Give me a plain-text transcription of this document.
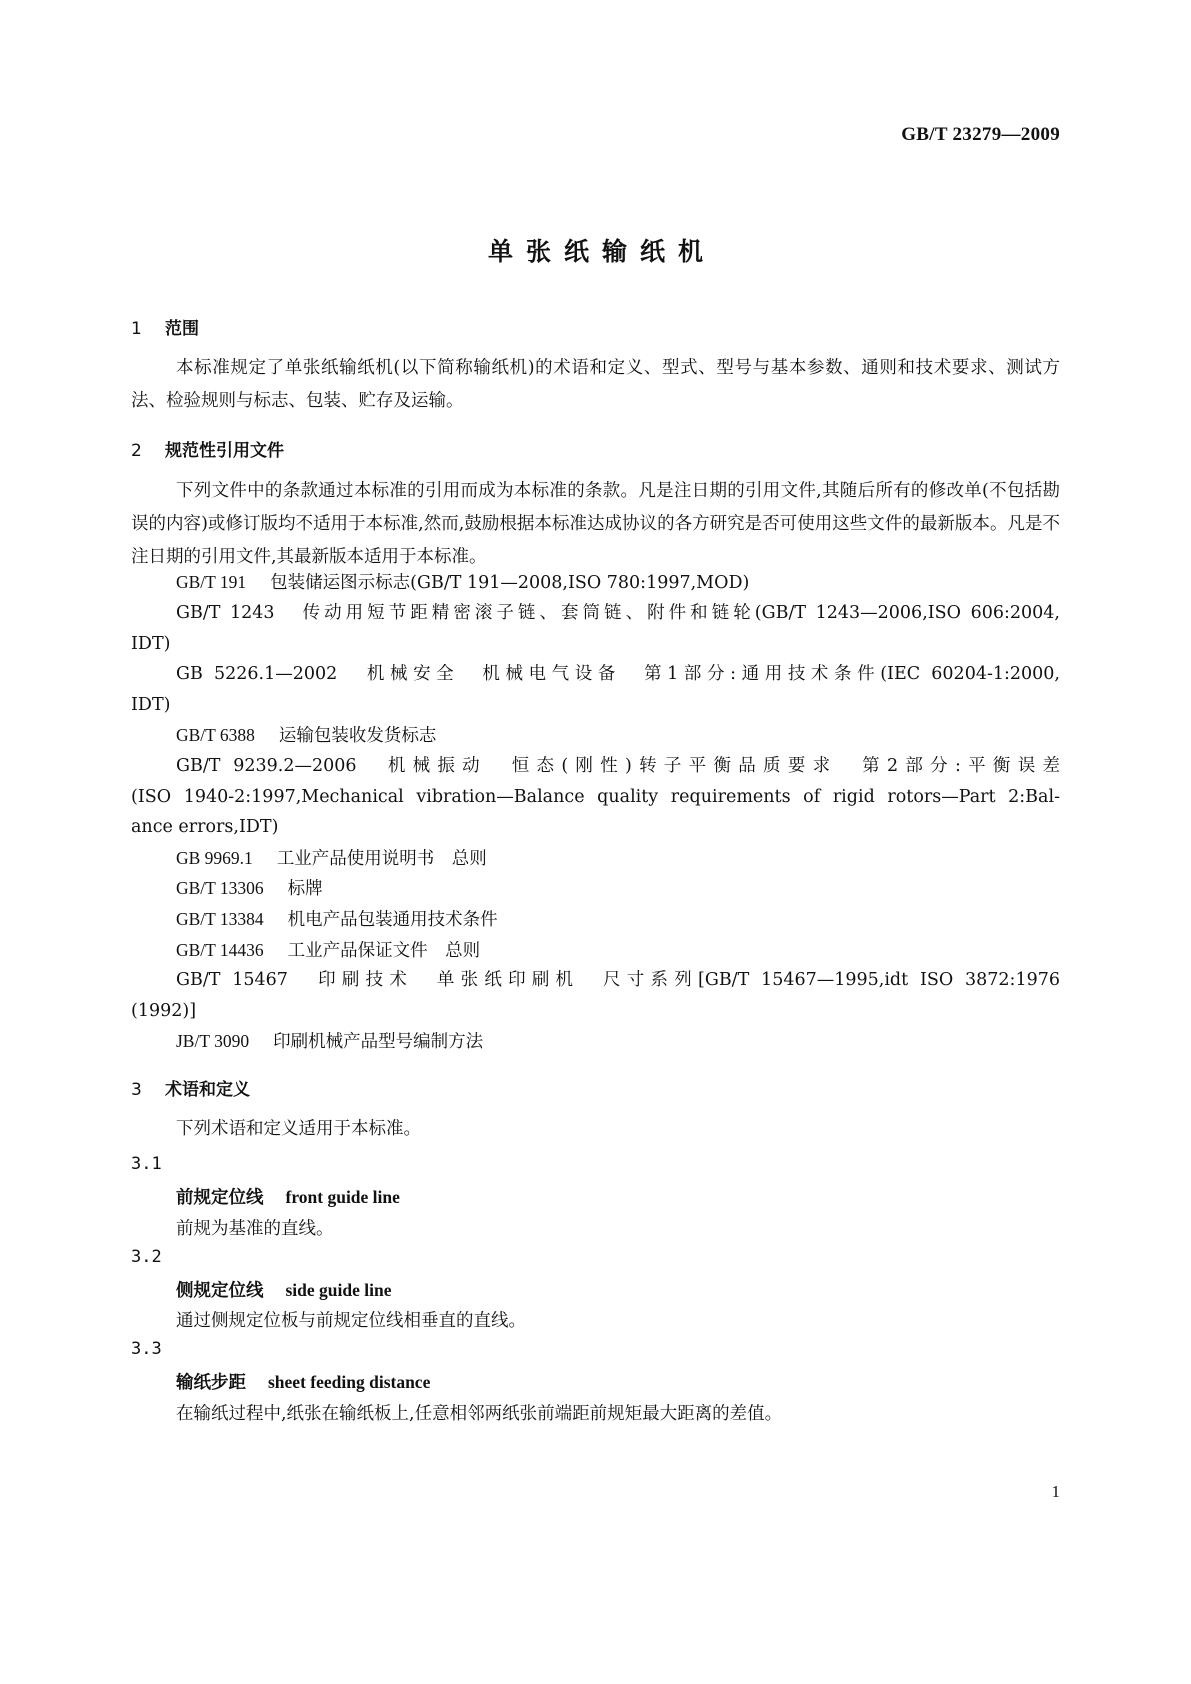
GB/T 23279—2009
单张纸输纸机
1 范围

本标准规定了单张纸输纸机(以下简称输纸机)的术语和定义、型式、型号与基本参数、通则和技术要求、测试方法、检验规则与标志、包装、贮存及运输。

2 规范性引用文件

下列文件中的条款通过本标准的引用而成为本标准的条款。凡是注日期的引用文件,其随后所有的修改单(不包括勘误的内容)或修订版均不适用于本标准,然而,鼓励根据本标准达成协议的各方研究是否可使用这些文件的最新版本。凡是不注日期的引用文件,其最新版本适用于本标准。

GB/T 191 包装储运图示标志(GB/T 191—2008,ISO 780:1997,MOD)
GB/T 1243 传动用短节距精密滚子链、套筒链、附件和链轮(GB/T 1243—2006,ISO 606:2004,
IDT)
GB 5226.1—2002 机械安全　机械电气设备　第1部分:通用技术条件(IEC 60204-1:2000,
IDT)
GB/T 6388 运输包装收发货标志
GB/T 9239.2—2006 机械振动　恒态(刚性)转子平衡品质要求　第2部分:平衡误差
(ISO 1940-2:1997,Mechanical vibration—Balance quality requirements of rigid rotors—Part 2:Bal-
ance errors,IDT)
GB 9969.1 工业产品使用说明书　总则
GB/T 13306 标牌
GB/T 13384 机电产品包装通用技术条件
GB/T 14436 工业产品保证文件　总则
GB/T 15467 印刷技术　单张纸印刷机　尺寸系列[GB/T 15467—1995,idt ISO 3872:1976
(1992)]
JB/T 3090 印刷机械产品型号编制方法
3 术语和定义

下列术语和定义适用于本标准。

3.1
前规定位线 front guide line
前规为基准的直线。
3.2
侧规定位线 side guide line
通过侧规定位板与前规定位线相垂直的直线。
3.3
输纸步距 sheet feeding distance
在输纸过程中,纸张在输纸板上,任意相邻两纸张前端距前规矩最大距离的差值。
1
